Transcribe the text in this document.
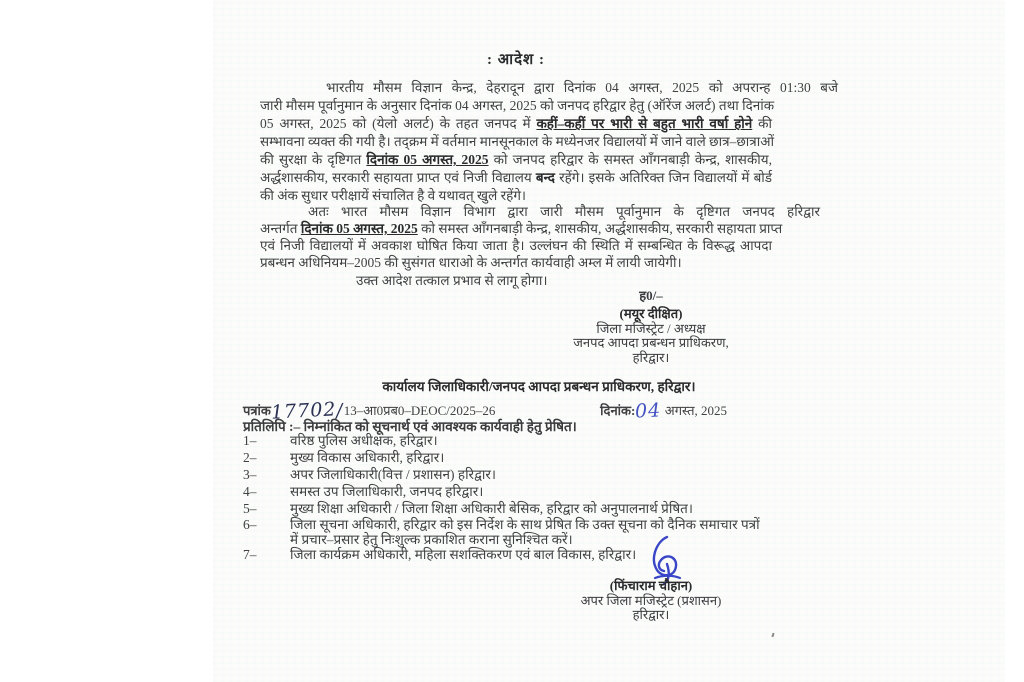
: आदेश :
भारतीय मौसम विज्ञान केन्द्र, देहरादून द्वारा दिनांक 04 अगस्त, 2025 को अपरान्ह 01:30 बजे
जारी मौसम पूर्वानुमान के अनुसार दिनांक 04 अगस्त, 2025 को जनपद हरिद्वार हेतु (ऑरेंज अलर्ट) तथा दिनांक
05 अगस्त, 2025 को (येलो अलर्ट) के तहत जनपद में कहीं–कहीं पर भारी से बहुत भारी वर्षा होने की
सम्भावना व्यक्त की गयी है। तद्क्रम में वर्तमान मानसूनकाल के मध्येनजर विद्यालयों में जाने वाले छात्र–छात्राओं
की सुरक्षा के दृष्टिगत दिनांक 05 अगस्त, 2025 को जनपद हरिद्वार के समस्त आँगनबाड़ी केन्द्र, शासकीय,
अर्द्धशासकीय, सरकारी सहायता प्राप्त एवं निजी विद्यालय बन्द रहेंगे। इसके अतिरिक्त जिन विद्यालयों में बोर्ड
की अंक सुधार परीक्षायें संचालित है वे यथावत् खुले रहेंगे।
अतः भारत मौसम विज्ञान विभाग द्वारा जारी मौसम पूर्वानुमान के दृष्टिगत जनपद हरिद्वार
अन्तर्गत दिनांक 05 अगस्त, 2025 को समस्त आँगनबाड़ी केन्द्र, शासकीय, अर्द्धशासकीय, सरकारी सहायता प्राप्त
एवं निजी विद्यालयों में अवकाश घोषित किया जाता है। उल्लंघन की स्थिति में सम्बन्धित के विरूद्ध आपदा
प्रबन्धन अधिनियम–2005 की सुसंगत धाराओ के अन्तर्गत कार्यवाही अम्ल में लायी जायेगी।
उक्त आदेश तत्काल प्रभाव से लागू होगा।
ह0/–
(मयूर दीक्षित)
जिला मजिस्ट्रेट / अध्यक्ष
जनपद आपदा प्रबन्धन प्राधिकरण,
हरिद्वार।
कार्यालय जिलाधिकारी/जनपद आपदा प्रबन्धन प्राधिकरण, हरिद्वार।
पत्रांक17702/13–आ0प्रब0–DEOC/2025–26	दिनांक:04 अगस्त, 2025
प्रतिलिपि :– निम्नांकित को सूचनार्थ एवं आवश्यक कार्यवाही हेतु प्रेषित।
1– वरिष्ठ पुलिस अधीक्षक, हरिद्वार।
2– मुख्य विकास अधिकारी, हरिद्वार।
3– अपर जिलाधिकारी(वित्त / प्रशासन) हरिद्वार।
4– समस्त उप जिलाधिकारी, जनपद हरिद्वार।
5– मुख्य शिक्षा अधिकारी / जिला शिक्षा अधिकारी बेसिक, हरिद्वार को अनुपालनार्थ प्रेषित।
6– जिला सूचना अधिकारी, हरिद्वार को इस निर्देश के साथ प्रेषित कि उक्त सूचना को दैनिक समाचार पत्रों
में प्रचार–प्रसार हेतु निःशुल्क प्रकाशित कराना सुनिश्चित करें।
7– जिला कार्यक्रम अधिकारी, महिला सशक्तिकरण एवं बाल विकास, हरिद्वार।
(फिंचाराम चौहान)
अपर जिला मजिस्ट्रेट (प्रशासन)
हरिद्वार।
